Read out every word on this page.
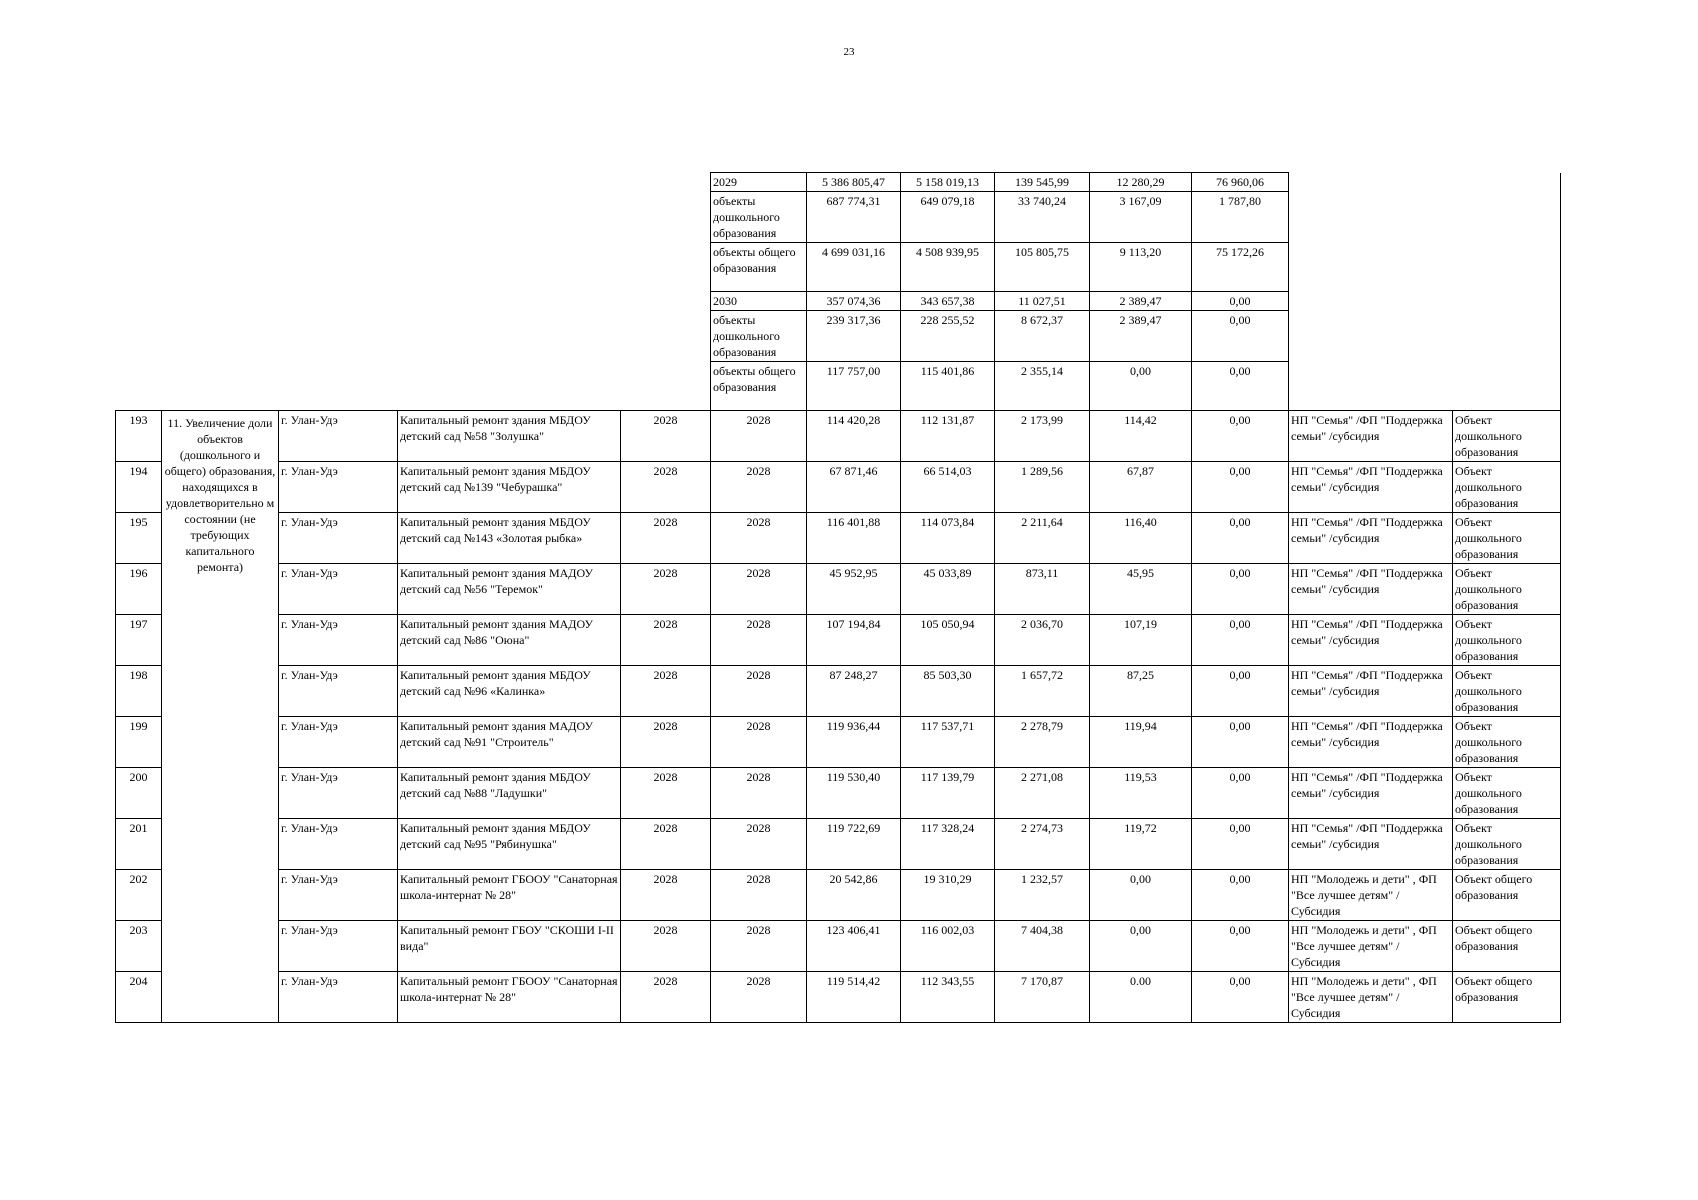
23
					2029	5 386 805,47	5 158 019,13	139 545,99	12 280,29	76 960,06		
					объекты дошкольного образования	687 774,31	649 079,18	33 740,24	3 167,09	1 787,80		
					объекты общего образования	4 699 031,16	4 508 939,95	105 805,75	9 113,20	75 172,26		
					2030	357 074,36	343 657,38	11 027,51	2 389,47	0,00		
					объекты дошкольного образования	239 317,36	228 255,52	8 672,37	2 389,47	0,00		
					объекты общего образования	117 757,00	115 401,86	2 355,14	0,00	0,00		
193	11. Увеличение доли объектов (дошкольного и общего) образования, находящихся в удовлетворительно м состоянии (не требующих капитального ремонта)	г. Улан-Удэ	Капитальный ремонт здания МБДОУ детский сад №58 "Золушка"	2028	2028	114 420,28	112 131,87	2 173,99	114,42	0,00	НП "Семья" /ФП "Поддержка семьи" /субсидия	Объект дошкольного образования
194		г. Улан-Удэ	Капитальный ремонт здания МБДОУ детский сад №139 "Чебурашка"	2028	2028	67 871,46	66 514,03	1 289,56	67,87	0,00	НП "Семья" /ФП "Поддержка семьи" /субсидия	Объект дошкольного образования
195		г. Улан-Удэ	Капитальный ремонт здания МБДОУ детский сад №143 «Золотая рыбка»	2028	2028	116 401,88	114 073,84	2 211,64	116,40	0,00	НП "Семья" /ФП "Поддержка семьи" /субсидия	Объект дошкольного образования
196		г. Улан-Удэ	Капитальный ремонт здания МАДОУ детский сад №56 "Теремок"	2028	2028	45 952,95	45 033,89	873,11	45,95	0,00	НП "Семья" /ФП "Поддержка семьи" /субсидия	Объект дошкольного образования
197		г. Улан-Удэ	Капитальный ремонт здания МАДОУ детский сад №86 "Оюна"	2028	2028	107 194,84	105 050,94	2 036,70	107,19	0,00	НП "Семья" /ФП "Поддержка семьи" /субсидия	Объект дошкольного образования
198		г. Улан-Удэ	Капитальный ремонт здания МБДОУ детский сад №96 «Калинка»	2028	2028	87 248,27	85 503,30	1 657,72	87,25	0,00	НП "Семья" /ФП "Поддержка семьи" /субсидия	Объект дошкольного образования
199		г. Улан-Удэ	Капитальный ремонт здания МАДОУ детский сад №91 "Строитель"	2028	2028	119 936,44	117 537,71	2 278,79	119,94	0,00	НП "Семья" /ФП "Поддержка семьи" /субсидия	Объект дошкольного образования
200		г. Улан-Удэ	Капитальный ремонт здания МБДОУ детский сад №88 "Ладушки"	2028	2028	119 530,40	117 139,79	2 271,08	119,53	0,00	НП "Семья" /ФП "Поддержка семьи" /субсидия	Объект дошкольного образования
201		г. Улан-Удэ	Капитальный ремонт здания МБДОУ детский сад №95 "Рябинушка"	2028	2028	119 722,69	117 328,24	2 274,73	119,72	0,00	НП "Семья" /ФП "Поддержка семьи" /субсидия	Объект дошкольного образования
202		г. Улан-Удэ	Капитальный ремонт ГБООУ "Санаторная школа-интернат № 28"	2028	2028	20 542,86	19 310,29	1 232,57	0,00	0,00	НП "Молодежь и дети" , ФП "Все лучшее детям" / Субсидия	Объект общего образования
203		г. Улан-Удэ	Капитальный ремонт ГБОУ "СКОШИ I-II вида"	2028	2028	123 406,41	116 002,03	7 404,38	0,00	0,00	НП "Молодежь и дети" , ФП "Все лучшее детям" / Субсидия	Объект общего образования
204		г. Улан-Удэ	Капитальный ремонт ГБООУ "Санаторная школа-интернат № 28"	2028	2028	119 514,42	112 343,55	7 170,87	0.00	0,00	НП "Молодежь и дети" , ФП "Все лучшее детям" / Субсидия	Объект общего образования
